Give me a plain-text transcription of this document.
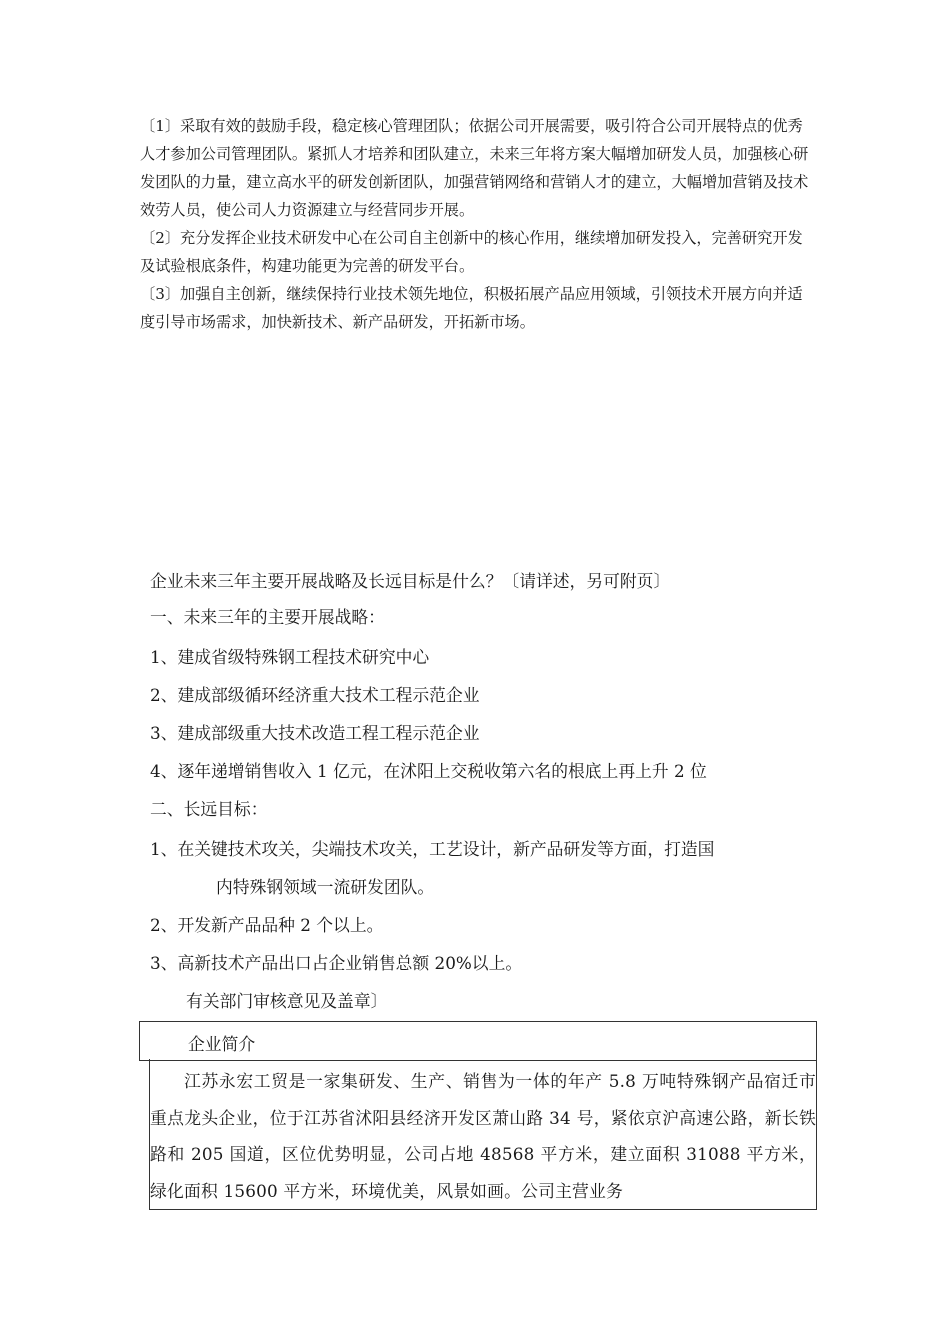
〔1〕采取有效的鼓励手段，稳定核心管理团队；依据公司开展需要，吸引符合公司开展特点的优秀人才参加公司管理团队。紧抓人才培养和团队建立，未来三年将方案大幅增加研发人员，加强核心研发团队的力量，建立高水平的研发创新团队，加强营销网络和营销人才的建立，大幅增加营销及技术效劳人员，使公司人力资源建立与经营同步开展。

〔2〕充分发挥企业技术研发中心在公司自主创新中的核心作用，继续增加研发投入，完善研究开发及试验根底条件，构建功能更为完善的研发平台。

〔3〕加强自主创新，继续保持行业技术领先地位，积极拓展产品应用领域，引领技术开展方向并适度引导市场需求，加快新技术、新产品研发，开拓新市场。

企业未来三年主要开展战略及长远目标是什么？〔请详述，另可附页〕
一、未来三年的主要开展战略：
1、建成省级特殊钢工程技术研究中心
2、建成部级循环经济重大技术工程示范企业
3、建成部级重大技术改造工程工程示范企业
4、逐年递增销售收入 1 亿元，在沭阳上交税收第六名的根底上再上升 2 位
二、长远目标：
1、在关键技术攻关，尖端技术攻关，工艺设计，新产品研发等方面，打造国
内特殊钢领域一流研发团队。
2、开发新产品品种 2 个以上。
3、高新技术产品出口占企业销售总额 20%以上。
有关部门审核意见及盖章〕
企业简介

江苏永宏工贸是一家集研发、生产、销售为一体的年产 5.8 万吨特殊钢产品宿迁市重点龙头企业，位于江苏省沭阳县经济开发区萧山路 34 号，紧依京沪高速公路，新长铁路和 205 国道，区位优势明显，公司占地 48568 平方米，建立面积 31088 平方米，绿化面积 15600 平方米，环境优美，风景如画。公司主营业务
